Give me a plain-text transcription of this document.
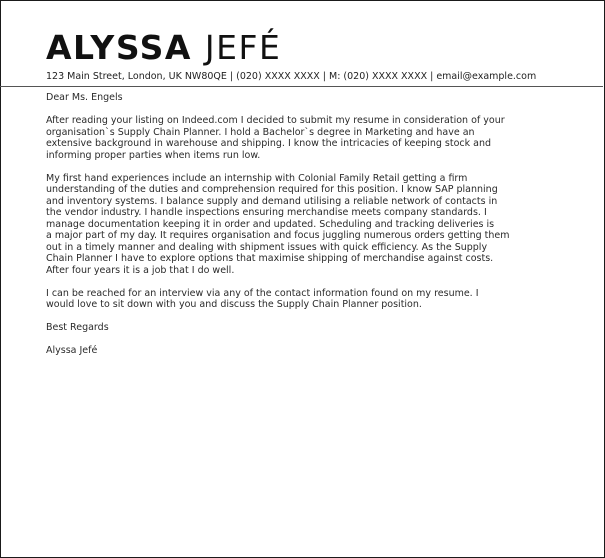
ALYSSA JEFÉ
123 Main Street, London, UK NW80QE | (020) XXXX XXXX | M: (020) XXXX XXXX | email@example.com
Dear Ms. Engels
After reading your listing on Indeed.com I decided to submit my resume in consideration of your
organisation`s Supply Chain Planner. I hold a Bachelor`s degree in Marketing and have an
extensive background in warehouse and shipping. I know the intricacies of keeping stock and
informing proper parties when items run low.
My first hand experiences include an internship with Colonial Family Retail getting a firm
understanding of the duties and comprehension required for this position. I know SAP planning
and inventory systems. I balance supply and demand utilising a reliable network of contacts in
the vendor industry. I handle inspections ensuring merchandise meets company standards. I
manage documentation keeping it in order and updated. Scheduling and tracking deliveries is
a major part of my day. It requires organisation and focus juggling numerous orders getting them
out in a timely manner and dealing with shipment issues with quick efficiency. As the Supply
Chain Planner I have to explore options that maximise shipping of merchandise against costs.
After four years it is a job that I do well.
I can be reached for an interview via any of the contact information found on my resume. I
would love to sit down with you and discuss the Supply Chain Planner position.
Best Regards
Alyssa Jefé
